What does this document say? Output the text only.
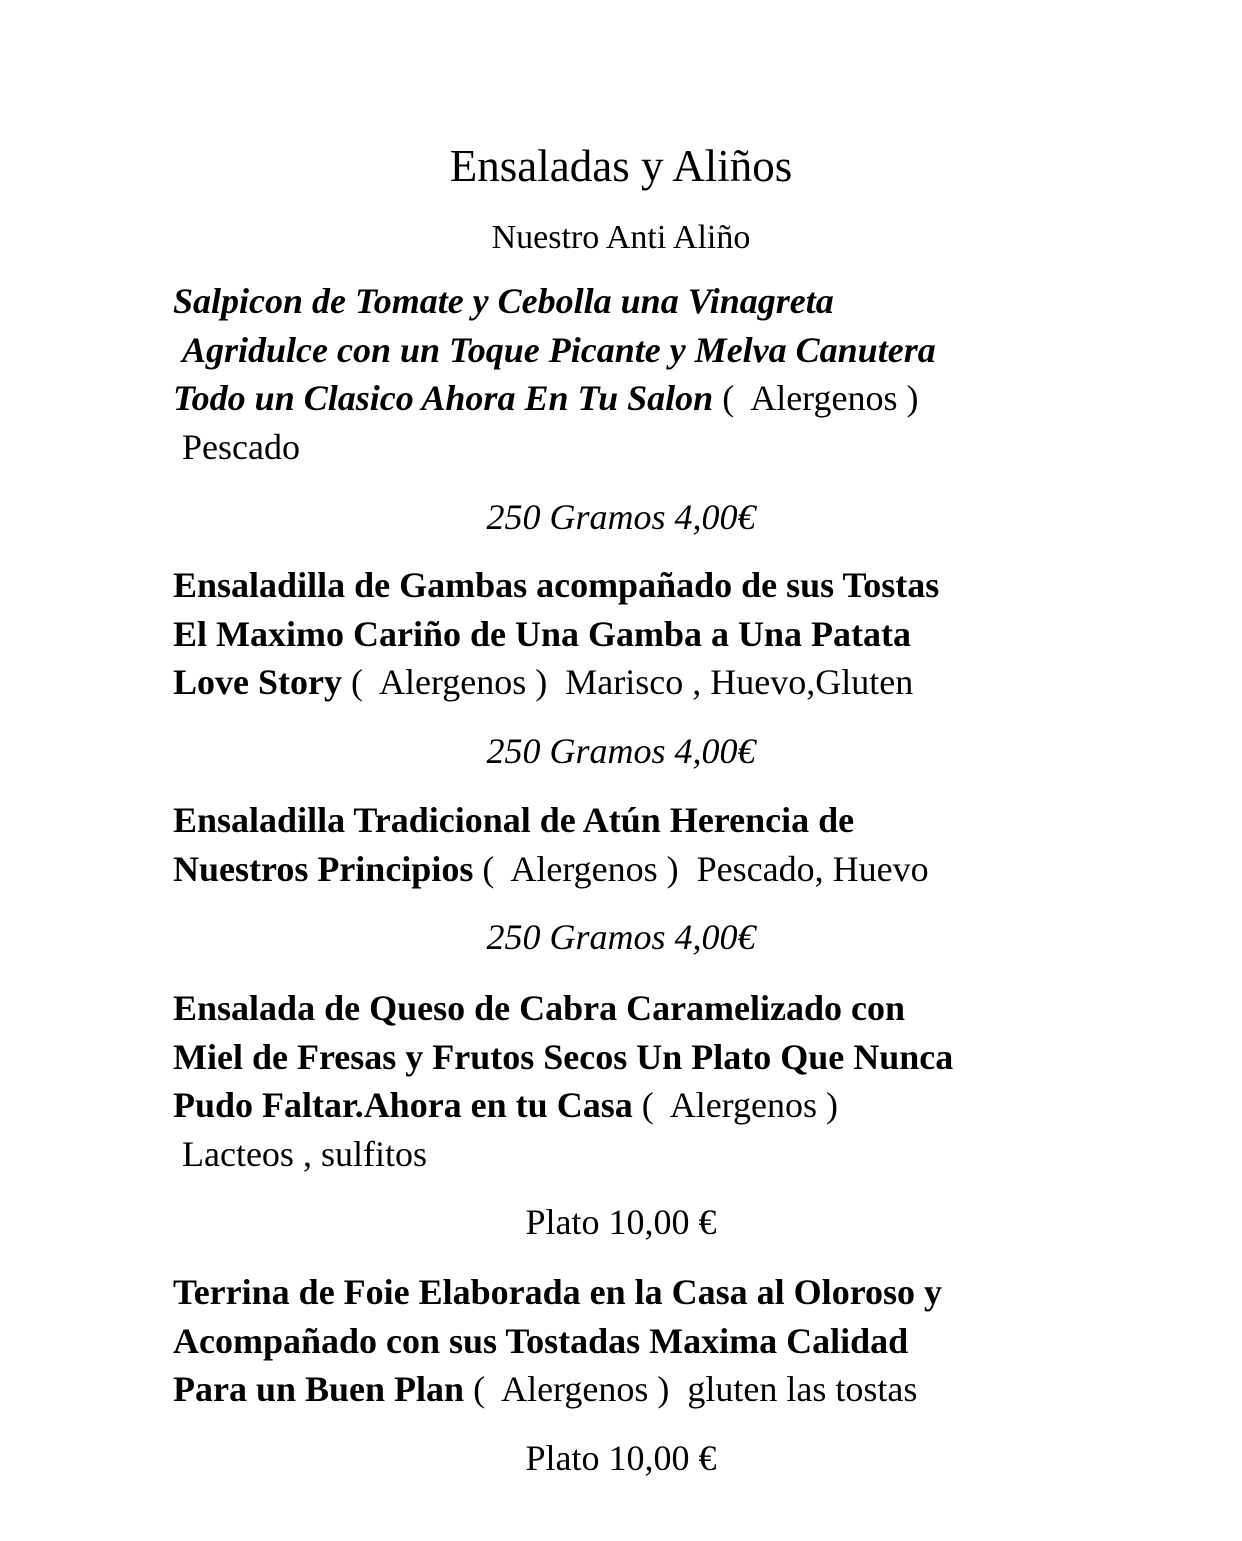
Ensaladas y Aliños
Nuestro Anti Aliño
Salpicon de Tomate y Cebolla una Vinagreta
Agridulce con un Toque Picante y Melva Canutera
Todo un Clasico Ahora En Tu Salon (  Alergenos )
Pescado
250 Gramos 4,00€
Ensaladilla de Gambas acompañado de sus Tostas
El Maximo Cariño de Una Gamba a Una Patata
Love Story (  Alergenos )  Marisco , Huevo,Gluten
250 Gramos 4,00€
Ensaladilla Tradicional de Atún Herencia de
Nuestros Principios (  Alergenos )  Pescado, Huevo
250 Gramos 4,00€
Ensalada de Queso de Cabra Caramelizado con
Miel de Fresas y Frutos Secos Un Plato Que Nunca
Pudo Faltar.Ahora en tu Casa (  Alergenos )
Lacteos , sulfitos
Plato 10,00 €
Terrina de Foie Elaborada en la Casa al Oloroso y
Acompañado con sus Tostadas Maxima Calidad
Para un Buen Plan (  Alergenos )  gluten las tostas
Plato 10,00 €
